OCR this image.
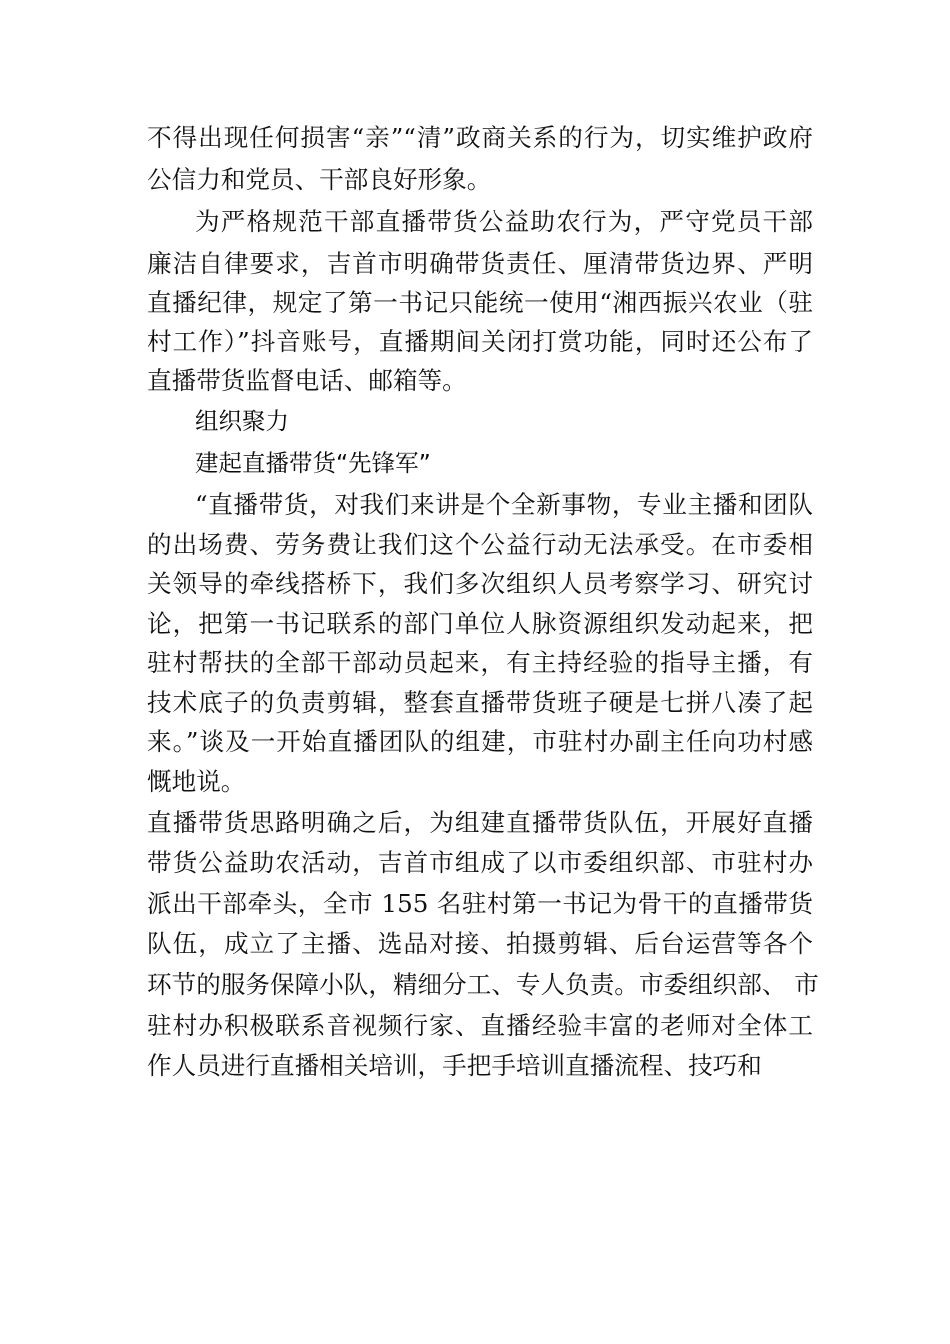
不得出现任何损害“亲”“清”政商关系的行为，切实维护政府
公信力和党员、干部良好形象。
为严格规范干部直播带货公益助农行为，严守党员干部
廉洁自律要求，吉首市明确带货责任、厘清带货边界、严明
直播纪律，规定了第一书记只能统一使用“湘西振兴农业（驻
村工作）”抖音账号，直播期间关闭打赏功能，同时还公布了
直播带货监督电话、邮箱等。
组织聚力
建起直播带货“先锋军”
“直播带货，对我们来讲是个全新事物，专业主播和团队
的出场费、劳务费让我们这个公益行动无法承受。在市委相
关领导的牵线搭桥下，我们多次组织人员考察学习、研究讨
论，把第一书记联系的部门单位人脉资源组织发动起来，把
驻村帮扶的全部干部动员起来，有主持经验的指导主播，有
技术底子的负责剪辑，整套直播带货班子硬是七拼八凑了起
来。”谈及一开始直播团队的组建，市驻村办副主任向功村感
慨地说。
直播带货思路明确之后，为组建直播带货队伍，开展好直播
带货公益助农活动，吉首市组成了以市委组织部、市驻村办
派出干部牵头，全市 155 名驻村第一书记为骨干的直播带货
队伍，成立了主播、选品对接、拍摄剪辑、后台运营等各个
环节的服务保障小队，精细分工、专人负责。市委组织部、 市
驻村办积极联系音视频行家、直播经验丰富的老师对全体工
作人员进行直播相关培训，手把手培训直播流程、技巧和
